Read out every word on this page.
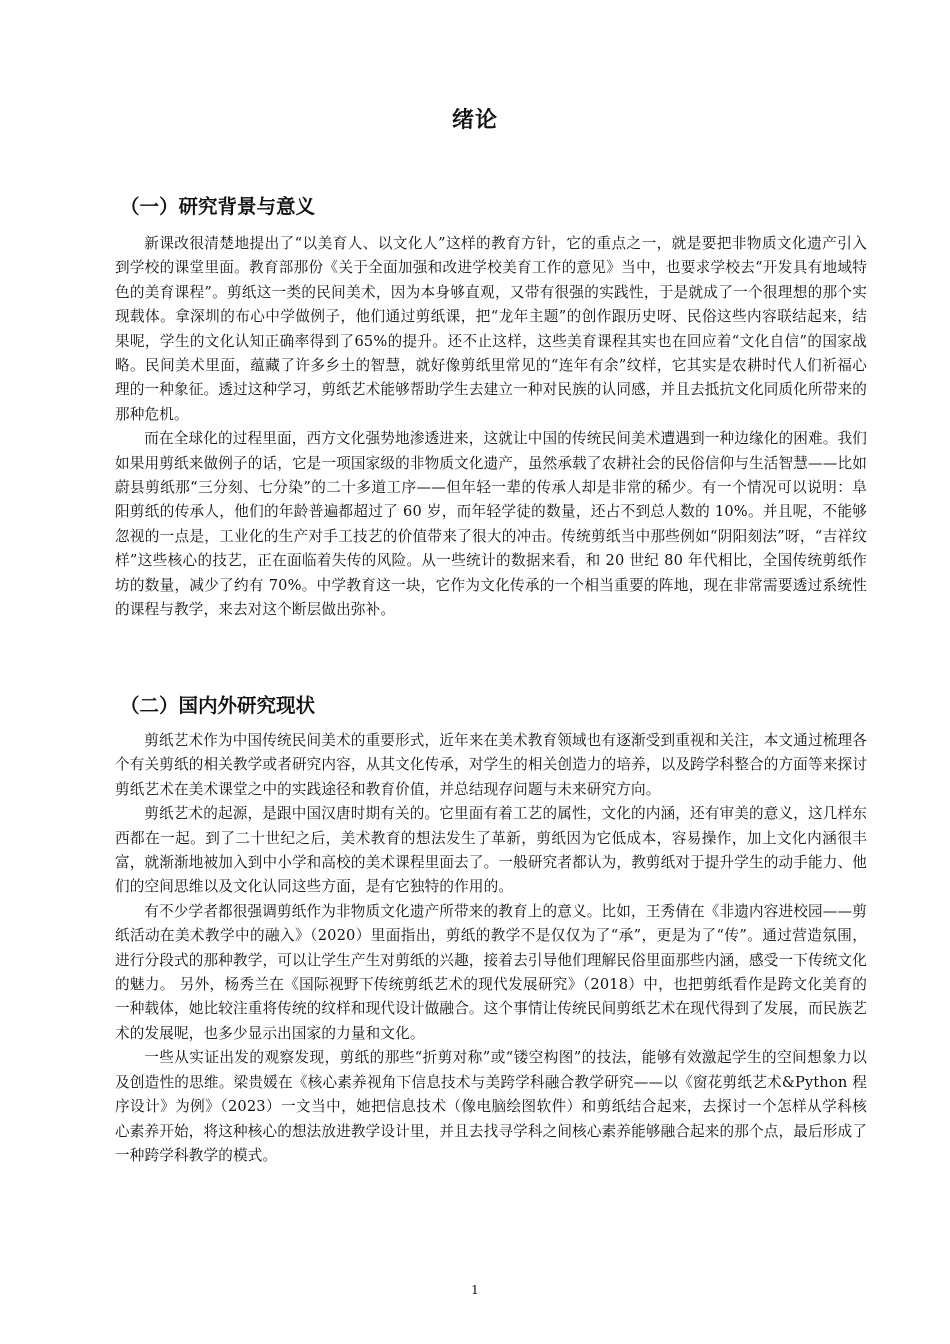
绪论
（一）研究背景与意义

新课改很清楚地提出了“以美育人、以文化人”这样的教育方针，它的重点之一，就是要把非物质文化遗产引入到学校的课堂里面。教育部那份《关于全面加强和改进学校美育工作的意见》当中，也要求学校去“开发具有地域特色的美育课程”。剪纸这一类的民间美术，因为本身够直观，又带有很强的实践性，于是就成了一个很理想的那个实现载体。拿深圳的布心中学做例子，他们通过剪纸课，把“龙年主题”的创作跟历史呀、民俗这些内容联结起来，结果呢，学生的文化认知正确率得到了65%的提升。还不止这样，这些美育课程其实也在回应着“文化自信”的国家战略。民间美术里面，蕴藏了许多乡土的智慧，就好像剪纸里常见的“连年有余”纹样，它其实是农耕时代人们祈福心理的一种象征。透过这种学习，剪纸艺术能够帮助学生去建立一种对民族的认同感，并且去抵抗文化同质化所带来的那种危机。

而在全球化的过程里面，西方文化强势地渗透进来，这就让中国的传统民间美术遭遇到一种边缘化的困难。我们如果用剪纸来做例子的话，它是一项国家级的非物质文化遗产，虽然承载了农耕社会的民俗信仰与生活智慧——比如蔚县剪纸那“三分刻、七分染”的二十多道工序——但年轻一辈的传承人却是非常的稀少。有一个情况可以说明：阜阳剪纸的传承人，他们的年龄普遍都超过了 60 岁，而年轻学徒的数量，还占不到总人数的 10%。并且呢，不能够忽视的一点是，工业化的生产对手工技艺的价值带来了很大的冲击。传统剪纸当中那些例如“阴阳刻法”呀，“吉祥纹样”这些核心的技艺，正在面临着失传的风险。从一些统计的数据来看，和 20 世纪 80 年代相比，全国传统剪纸作坊的数量，减少了约有 70%。中学教育这一块，它作为文化传承的一个相当重要的阵地，现在非常需要透过系统性的课程与教学，来去对这个断层做出弥补。

（二）国内外研究现状

剪纸艺术作为中国传统民间美术的重要形式，近年来在美术教育领域也有逐渐受到重视和关注，本文通过梳理各个有关剪纸的相关教学或者研究内容，从其文化传承，对学生的相关创造力的培养，以及跨学科整合的方面等来探讨剪纸艺术在美术课堂之中的实践途径和教育价值，并总结现存问题与未来研究方向。

剪纸艺术的起源，是跟中国汉唐时期有关的。它里面有着工艺的属性，文化的内涵，还有审美的意义，这几样东西都在一起。到了二十世纪之后，美术教育的想法发生了革新，剪纸因为它低成本，容易操作，加上文化内涵很丰富，就渐渐地被加入到中小学和高校的美术课程里面去了。一般研究者都认为，教剪纸对于提升学生的动手能力、他们的空间思维以及文化认同这些方面，是有它独特的作用的。

有不少学者都很强调剪纸作为非物质文化遗产所带来的教育上的意义。比如，王秀倩在《非遗内容进校园——剪纸活动在美术教学中的融入》（2020）里面指出，剪纸的教学不是仅仅为了“承”，更是为了“传”。通过营造氛围，进行分段式的那种教学，可以让学生产生对剪纸的兴趣，接着去引导他们理解民俗里面那些内涵，感受一下传统文化的魅力。 另外，杨秀兰在《国际视野下传统剪纸艺术的现代发展研究》（2018）中，也把剪纸看作是跨文化美育的一种载体，她比较注重将传统的纹样和现代设计做融合。这个事情让传统民间剪纸艺术在现代得到了发展，而民族艺术的发展呢，也多少显示出国家的力量和文化。

一些从实证出发的观察发现，剪纸的那些“折剪对称”或“镂空构图”的技法，能够有效激起学生的空间想象力以及创造性的思维。梁贵媛在《核心素养视角下信息技术与美跨学科融合教学研究——以《窗花剪纸艺术&Python 程序设计》为例》（2023）一文当中，她把信息技术（像电脑绘图软件）和剪纸结合起来，去探讨一个怎样从学科核心素养开始，将这种核心的想法放进教学设计里，并且去找寻学科之间核心素养能够融合起来的那个点，最后形成了一种跨学科教学的模式。

1
